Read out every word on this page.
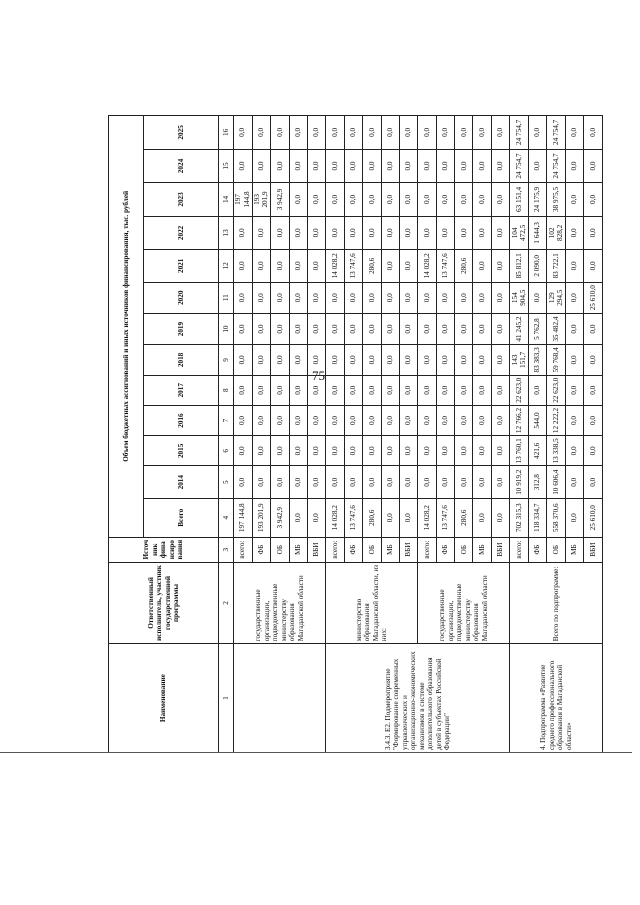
75
Наименование	Ответственный исполнитель, участник государственной программы	Источник финансирования	Объем бюджетных ассигнований и иных источников финансирования, тыс. рублей												
			Всего	2014	2015	2016	2017	2018	2019	2020	2021	2022	2023	2024	2025
1	2	3	4	5	6	7	8	9	10	11	12	13	14	15	16
	государственные организации, подведомственные министерству образования Магаданской области	всего:	197 144,8	0,0	0,0	0,0	0,0	0,0	0,0	0,0	0,0	0,0	197 144,8	0,0	0,0
		ФБ	193 201,9	0,0	0,0	0,0	0,0	0,0	0,0	0,0	0,0	0,0	193 201,9	0,0	0,0
		ОБ	3 942,9	0,0	0,0	0,0	0,0	0,0	0,0	0,0	0,0	0,0	3 942,9	0,0	0,0
		МБ	0,0	0,0	0,0	0,0	0,0	0,0	0,0	0,0	0,0	0,0	0,0	0,0	0,0
		ВБИ	0,0	0,0	0,0	0,0	0,0	0,0	0,0	0,0	0,0	0,0	0,0	0,0	0,0
3.4.3. Е2. Подмероприятие "Формирование современных управленческих и организационно-экономических механизмов в системе дополнительного образования детей в субъектах Российской Федерации"	министерство образования Магаданской области, из них:	всего:	14 028,2	0,0	0,0	0,0	0,0	0,0	0,0	0,0	14 028,2	0,0	0,0	0,0	0,0
		ФБ	13 747,6	0,0	0,0	0,0	0,0	0,0	0,0	0,0	13 747,6	0,0	0,0	0,0	0,0
		ОБ	280,6	0,0	0,0	0,0	0,0	0,0	0,0	0,0	280,6	0,0	0,0	0,0	0,0
		МБ	0,0	0,0	0,0	0,0	0,0	0,0	0,0	0,0	0,0	0,0	0,0	0,0	0,0
		ВБИ	0,0	0,0	0,0	0,0	0,0	0,0	0,0	0,0	0,0	0,0	0,0	0,0	0,0
	государственные организации, подведомственные министерству образования Магаданской области	всего:	14 028,2	0,0	0,0	0,0	0,0	0,0	0,0	0,0	14 028,2	0,0	0,0	0,0	0,0
		ФБ	13 747,6	0,0	0,0	0,0	0,0	0,0	0,0	0,0	13 747,6	0,0	0,0	0,0	0,0
		ОБ	280,6	0,0	0,0	0,0	0,0	0,0	0,0	0,0	280,6	0,0	0,0	0,0	0,0
		МБ	0,0	0,0	0,0	0,0	0,0	0,0	0,0	0,0	0,0	0,0	0,0	0,0	0,0
		ВБИ	0,0	0,0	0,0	0,0	0,0	0,0	0,0	0,0	0,0	0,0	0,0	0,0	0,0
4. Подпрограмма «Развитие среднего профессионального образования в Магаданской области»	Всего по подпрограмме:	всего:	702 315,3	10 919,2	13 760,1	12 766,2	22 623,0	143 151,7	41 245,2	154 904,5	85 812,1	104 472,5	63 151,4	24 754,7	24 754,7
		ФБ	118 334,7	312,8	421,6	544,0	0,0	83 383,3	5 762,8	0,0	2 090,0	1 644,3	24 175,9	0,0	0,0
		ОБ	558 370,6	10 606,4	13 338,5	12 222,2	22 623,0	59 768,4	35 482,4	129 294,5	83 722,1	102 828,2	38 975,5	24 754,7	24 754,7
		МБ	0,0	0,0	0,0	0,0	0,0	0,0	0,0	0,0	0,0	0,0	0,0	0,0	0,0
		ВБИ	25 610,0	0,0	0,0	0,0	0,0	0,0	0,0	25 610,0	0,0	0,0	0,0	0,0	0,0
